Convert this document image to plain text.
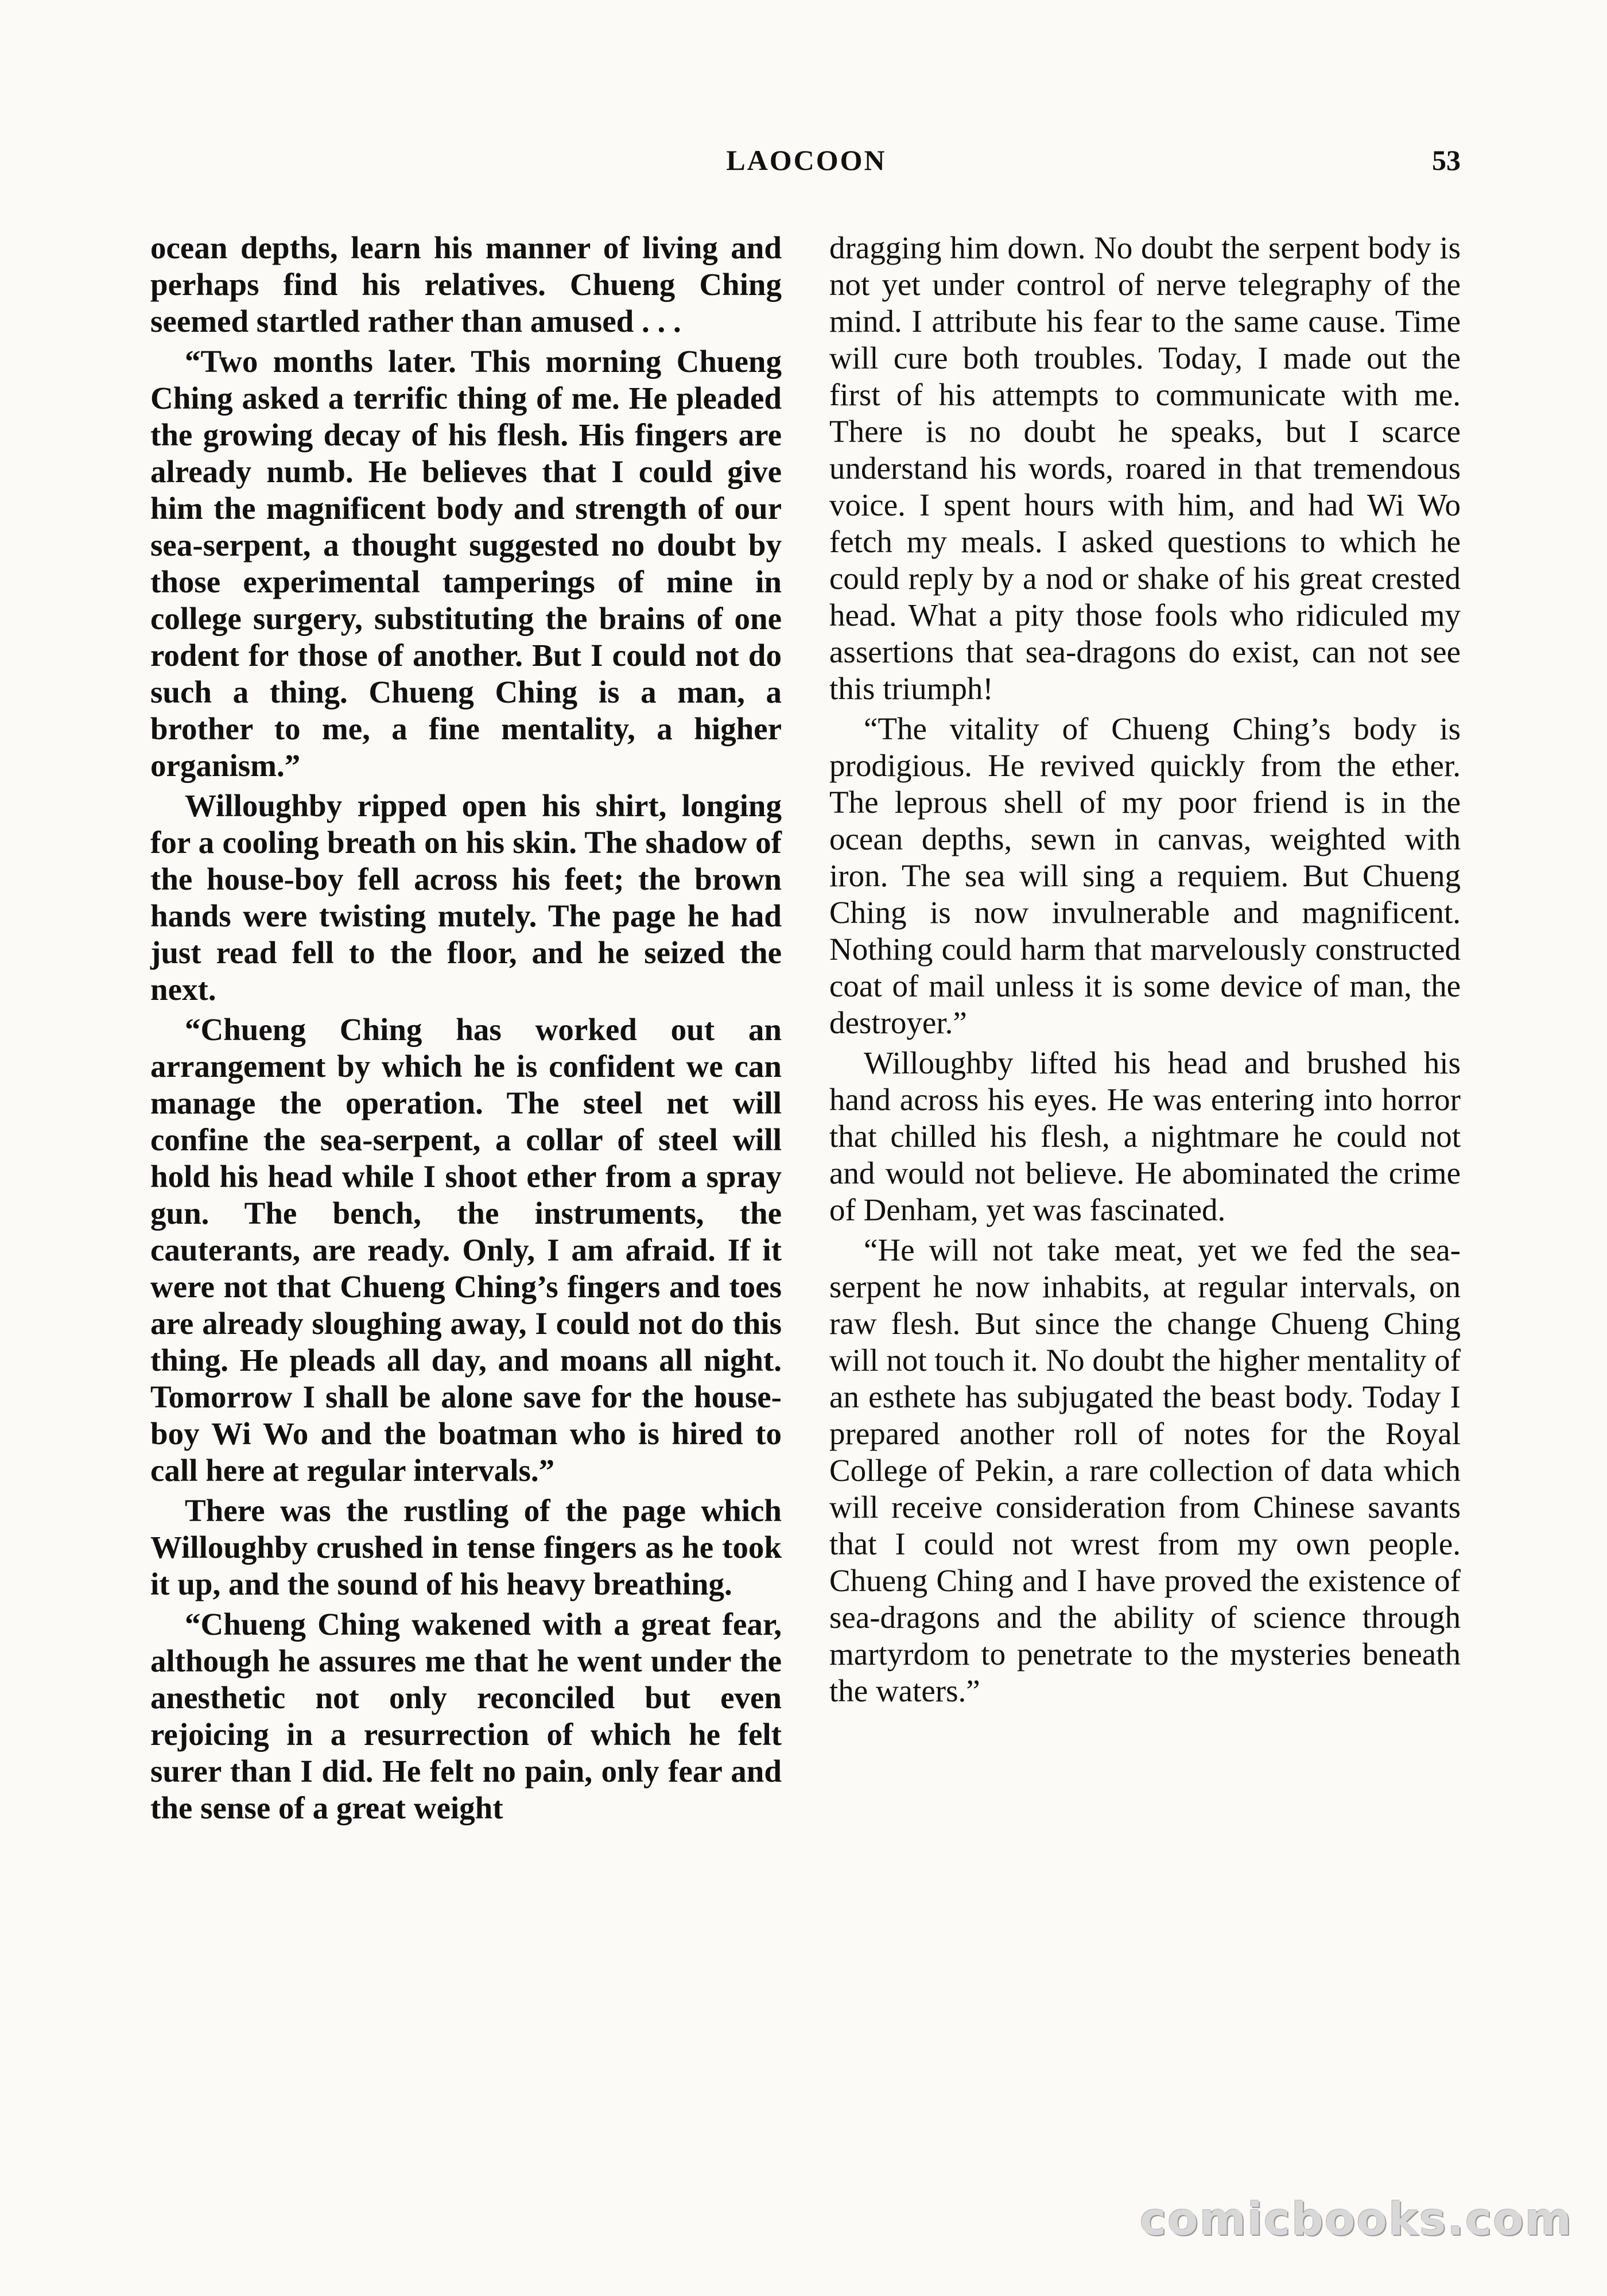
LAOCOON	53

ocean depths, learn his manner of living and perhaps find his relatives. Chueng Ching seemed startled rather than amused . . .

“Two months later. This morning Chueng Ching asked a terrific thing of me. He pleaded the growing decay of his flesh. His fingers are already numb. He believes that I could give him the magnificent body and strength of our sea-serpent, a thought suggested no doubt by those experimental tamperings of mine in college surgery, substituting the brains of one rodent for those of another. But I could not do such a thing. Chueng Ching is a man, a brother to me, a fine mentality, a higher organism.”

Willoughby ripped open his shirt, longing for a cooling breath on his skin. The shadow of the house-boy fell across his feet; the brown hands were twisting mutely. The page he had just read fell to the floor, and he seized the next.

“Chueng Ching has worked out an arrangement by which he is confident we can manage the operation. The steel net will confine the sea-serpent, a collar of steel will hold his head while I shoot ether from a spray gun. The bench, the instruments, the cauterants, are ready. Only, I am afraid. If it were not that Chueng Ching’s fingers and toes are already sloughing away, I could not do this thing. He pleads all day, and moans all night. Tomorrow I shall be alone save for the house-boy Wi Wo and the boatman who is hired to call here at regular intervals.”

There was the rustling of the page which Willoughby crushed in tense fingers as he took it up, and the sound of his heavy breathing.

“Chueng Ching wakened with a great fear, although he assures me that he went under the anesthetic not only reconciled but even rejoicing in a resurrection of which he felt surer than I did. He felt no pain, only fear and the sense of a great weight

dragging him down. No doubt the serpent body is not yet under control of nerve telegraphy of the mind. I attribute his fear to the same cause. Time will cure both troubles. Today, I made out the first of his attempts to communicate with me. There is no doubt he speaks, but I scarce understand his words, roared in that tremendous voice. I spent hours with him, and had Wi Wo fetch my meals. I asked questions to which he could reply by a nod or shake of his great crested head. What a pity those fools who ridiculed my assertions that sea-dragons do exist, can not see this triumph!

“The vitality of Chueng Ching’s body is prodigious. He revived quickly from the ether. The leprous shell of my poor friend is in the ocean depths, sewn in canvas, weighted with iron. The sea will sing a requiem. But Chueng Ching is now invulnerable and magnificent. Nothing could harm that marvelously constructed coat of mail unless it is some device of man, the destroyer.”

Willoughby lifted his head and brushed his hand across his eyes. He was entering into horror that chilled his flesh, a nightmare he could not and would not believe. He abominated the crime of Denham, yet was fascinated.

“He will not take meat, yet we fed the sea-serpent he now inhabits, at regular intervals, on raw flesh. But since the change Chueng Ching will not touch it. No doubt the higher mentality of an esthete has subjugated the beast body. Today I prepared another roll of notes for the Royal College of Pekin, a rare collection of data which will receive consideration from Chinese savants that I could not wrest from my own people. Chueng Ching and I have proved the existence of sea-dragons and the ability of science through martyrdom to penetrate to the mysteries beneath the waters.”

comicbooks.com
